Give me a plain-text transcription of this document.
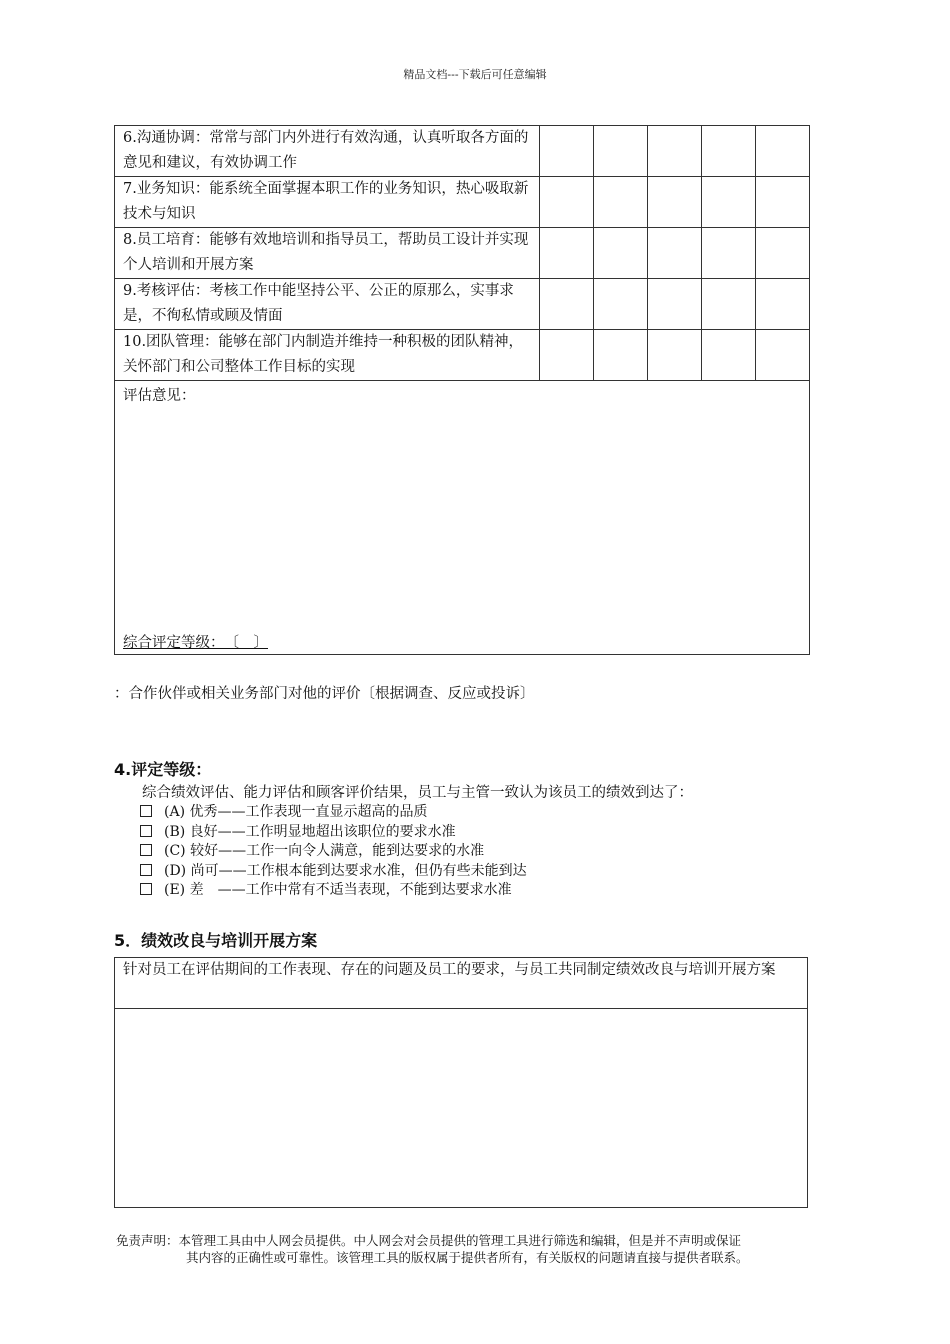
精品文档---下载后可任意编辑
6.沟通协调：常常与部门内外进行有效沟通，认真听取各方面的意见和建议，有效协调工作					
7.业务知识：能系统全面掌握本职工作的业务知识，热心吸取新技术与知识					
8.员工培育：能够有效地培训和指导员工，帮助员工设计并实现个人培训和开展方案					
9.考核评估：考核工作中能坚持公平、公正的原那么，实事求是，不徇私情或顾及情面					
10.团队管理：能够在部门内制造并维持一种积极的团队精神，关怀部门和公司整体工作目标的实现					

评估意见：
综合评定等级：　〔　〕					
：合作伙伴或相关业务部门对他的评价〔根据调查、反应或投诉〕
4.评定等级：
综合绩效评估、能力评估和顾客评价结果，员工与主管一致认为该员工的绩效到达了：
(A) 优秀——工作表现一直显示超高的品质
(B) 良好——工作明显地超出该职位的要求水准
(C) 较好——工作一向令人满意，能到达要求的水准
(D) 尚可——工作根本能到达要求水准，但仍有些未能到达
(E) 差　——工作中常有不适当表现，不能到达要求水准
5．绩效改良与培训开展方案
针对员工在评估期间的工作表现、存在的问题及员工的要求，与员工共同制定绩效改良与培训开展方案

免责声明：本管理工具由中人网会员提供。中人网会对会员提供的管理工具进行筛选和编辑，但是并不声明或保证
其内容的正确性或可靠性。该管理工具的版权属于提供者所有，有关版权的问题请直接与提供者联系。
